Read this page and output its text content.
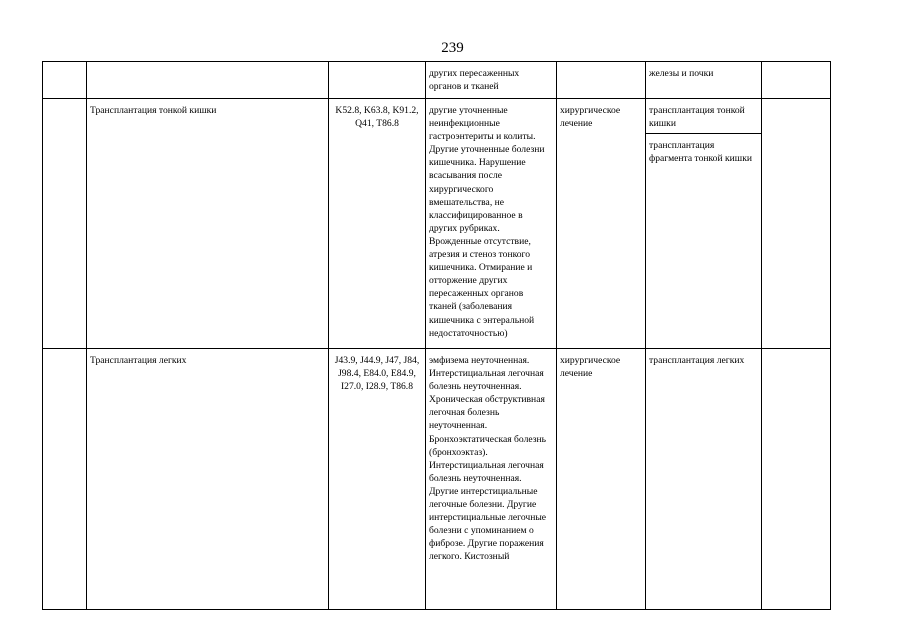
239
			других пересаженных органов и тканей		железы и почки	

	Трансплантация тонкой кишки	K52.8, K63.8, K91.2, Q41, T86.8	другие уточненные неинфекционные гастроэнтериты и колиты. Другие уточненные болезни кишечника. Нарушение всасывания после хирургического вмешательства, не классифицированное в других рубриках. Врожденные отсутствие, атрезия и стеноз тонкого кишечника. Отмирание и отторжение других пересаженных органов тканей (заболевания кишечника с энтеральной недостаточностью)	хирургическое лечение	трансплантация тонкой кишки
трансплантация фрагмента тонкой кишки	

	Трансплантация легких	J43.9, J44.9, J47, J84, J98.4, E84.0, E84.9, I27.0, I28.9, T86.8	эмфизема неуточненная. Интерстициальная легочная болезнь неуточненная. Хроническая обструктивная легочная болезнь неуточненная. Бронхоэктатическая болезнь (бронхоэктаз). Интерстициальная легочная болезнь неуточненная. Другие интерстициальные легочные болезни. Другие интерстициальные легочные болезни с упоминанием о фиброзе. Другие поражения легкого. Кистозный	хирургическое лечение	трансплантация легких	
